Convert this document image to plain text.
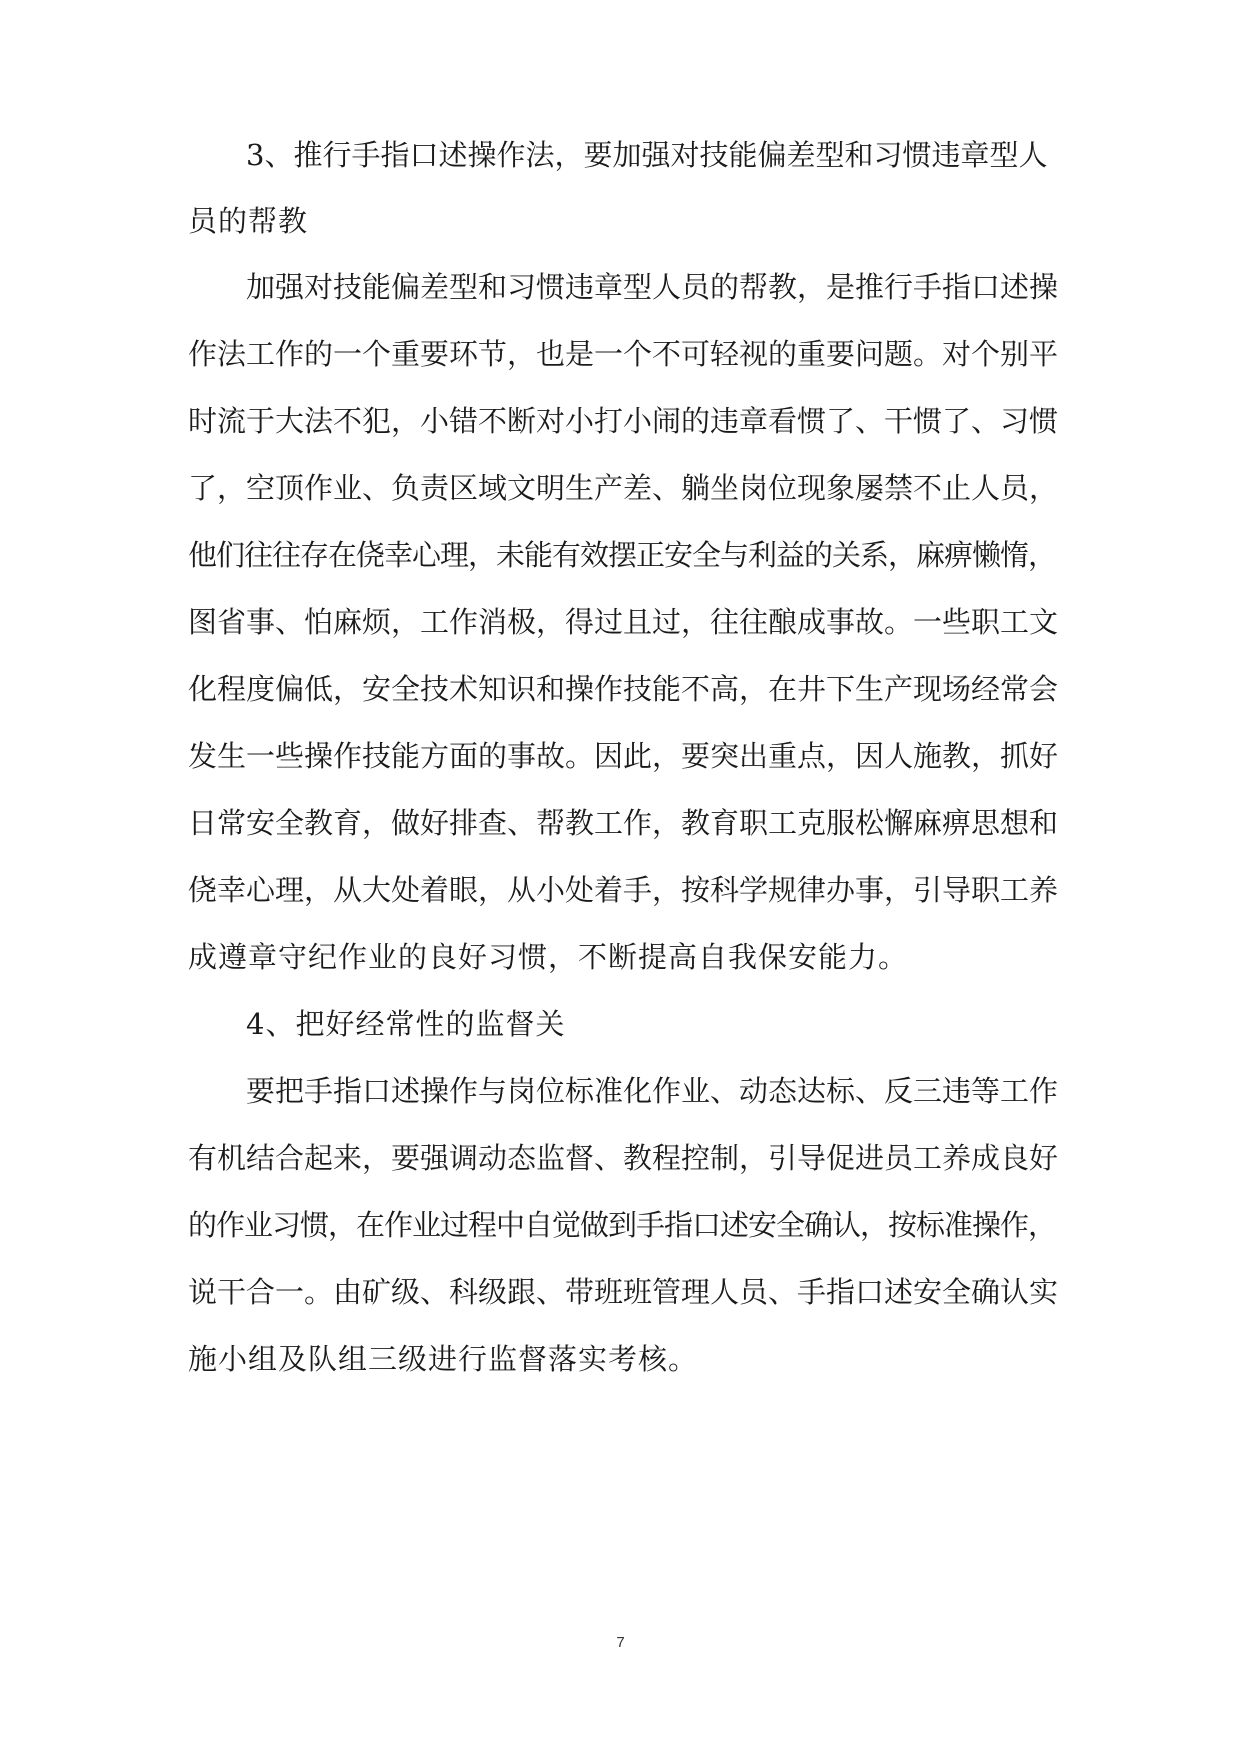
3、推行手指口述操作法，要加强对技能偏差型和习惯违章型人
员的帮教
加强对技能偏差型和习惯违章型人员的帮教，是推行手指口述操
作法工作的一个重要环节，也是一个不可轻视的重要问题。对个别平
时流于大法不犯，小错不断对小打小闹的违章看惯了、干惯了、习惯
了，空顶作业、负责区域文明生产差、躺坐岗位现象屡禁不止人员，
他们往往存在侥幸心理，未能有效摆正安全与利益的关系，麻痹懒惰，
图省事、怕麻烦，工作消极，得过且过，往往酿成事故。一些职工文
化程度偏低，安全技术知识和操作技能不高，在井下生产现场经常会
发生一些操作技能方面的事故。因此，要突出重点，因人施教，抓好
日常安全教育，做好排查、帮教工作，教育职工克服松懈麻痹思想和
侥幸心理，从大处着眼，从小处着手，按科学规律办事，引导职工养
成遵章守纪作业的良好习惯，不断提高自我保安能力。
4、把好经常性的监督关
要把手指口述操作与岗位标准化作业、动态达标、反三违等工作
有机结合起来，要强调动态监督、教程控制，引导促进员工养成良好
的作业习惯，在作业过程中自觉做到手指口述安全确认，按标准操作，
说干合一。由矿级、科级跟、带班班管理人员、手指口述安全确认实
施小组及队组三级进行监督落实考核。
7
